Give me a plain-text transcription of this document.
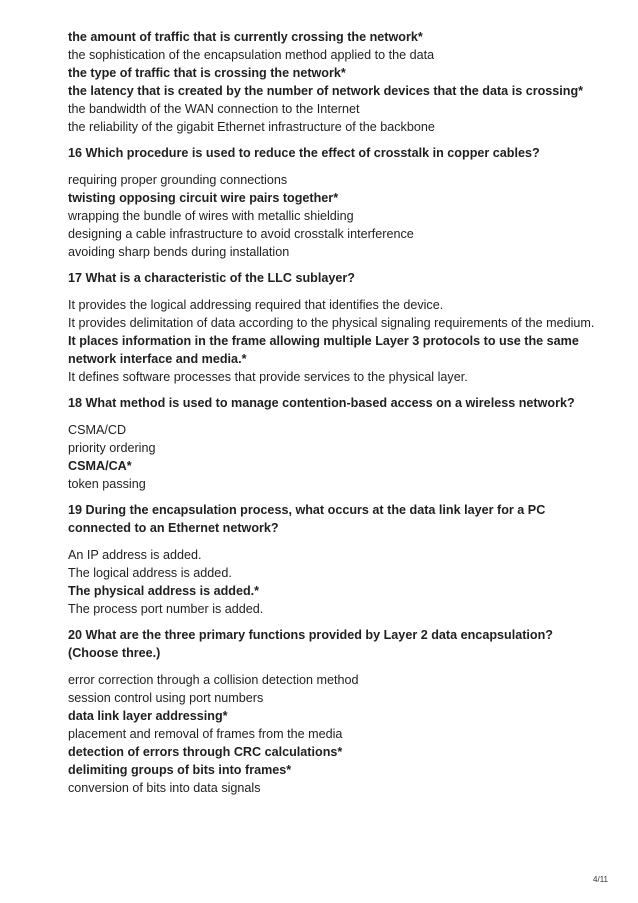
the amount of traffic that is currently crossing the network*
the sophistication of the encapsulation method applied to the data
the type of traffic that is crossing the network*
the latency that is created by the number of network devices that the data is crossing*
the bandwidth of the WAN connection to the Internet
the reliability of the gigabit Ethernet infrastructure of the backbone
16 Which procedure is used to reduce the effect of crosstalk in copper cables?
requiring proper grounding connections
twisting opposing circuit wire pairs together*
wrapping the bundle of wires with metallic shielding
designing a cable infrastructure to avoid crosstalk interference
avoiding sharp bends during installation
17 What is a characteristic of the LLC sublayer?
It provides the logical addressing required that identifies the device.
It provides delimitation of data according to the physical signaling requirements of the medium.
It places information in the frame allowing multiple Layer 3 protocols to use the same network interface and media.*
It defines software processes that provide services to the physical layer.
18 What method is used to manage contention-based access on a wireless network?
CSMA/CD
priority ordering
CSMA/CA*
token passing
19 During the encapsulation process, what occurs at the data link layer for a PC connected to an Ethernet network?
An IP address is added.
The logical address is added.
The physical address is added.*
The process port number is added.
20 What are the three primary functions provided by Layer 2 data encapsulation? (Choose three.)
error correction through a collision detection method
session control using port numbers
data link layer addressing*
placement and removal of frames from the media
detection of errors through CRC calculations*
delimiting groups of bits into frames*
conversion of bits into data signals
4/11
